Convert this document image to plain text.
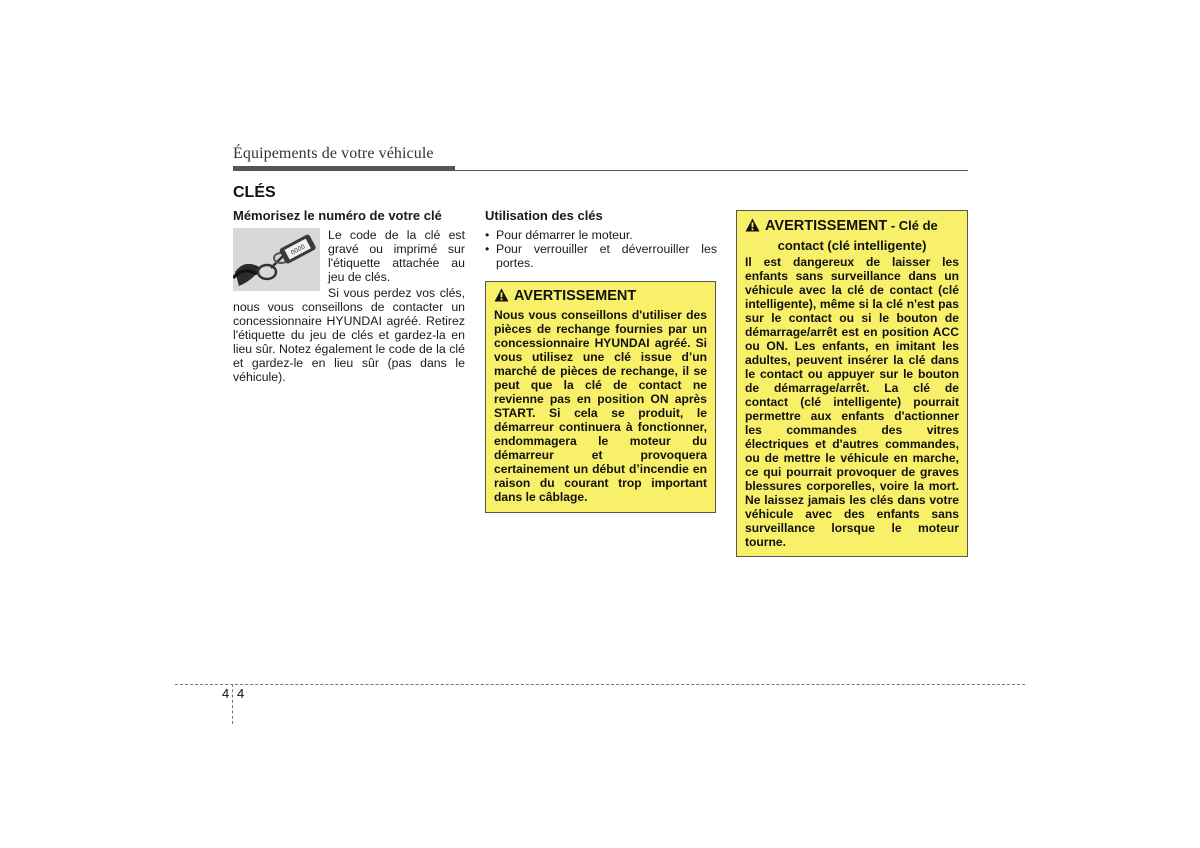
Équipements de votre véhicule
CLÉS
Mémorisez le numéro de votre clé
0000

Le code de la clé est gravé ou imprimé sur l'étiquette attachée au jeu de clés.

Si vous perdez vos clés, nous vous conseillons de contacter un concessionnaire HYUNDAI agréé. Retirez l'étiquette du jeu de clés et gardez-la en lieu sûr. Notez également le code de la clé et gardez-le en lieu sûr (pas dans le véhicule).

Utilisation des clés
• Pour démarrer le moteur.
• Pour verrouiller et déverrouiller les portes.
AVERTISSEMENT
Nous vous conseillons d'utiliser des pièces de rechange fournies par un concessionnaire HYUNDAI agréé. Si vous utilisez une clé issue d’un marché de pièces de rechange, il se peut que la clé de contact ne revienne pas en position ON après START. Si cela se produit, le démarreur continuera à fonctionner, endommagera le moteur du démarreur et provoquera certainement un début d’incendie en raison du courant trop important dans le câblage.
AVERTISSEMENT - Clé de
contact (clé intelligente)
Il est dangereux de laisser les enfants sans surveillance dans un véhicule avec la clé de contact (clé intelligente), même si la clé n'est pas sur le contact ou si le bouton de démarrage/arrêt est en position ACC ou ON. Les enfants, en imitant les adultes, peuvent insérer la clé dans le contact ou appuyer sur le bouton de démarrage/arrêt. La clé de contact (clé intelligente) pourrait permettre aux enfants d'actionner les commandes des vitres électriques et d'autres commandes, ou de mettre le véhicule en marche, ce qui pourrait provoquer de graves blessures corporelles, voire la mort. Ne laissez jamais les clés dans votre véhicule avec des enfants sans surveillance lorsque le moteur tourne.
4 4
